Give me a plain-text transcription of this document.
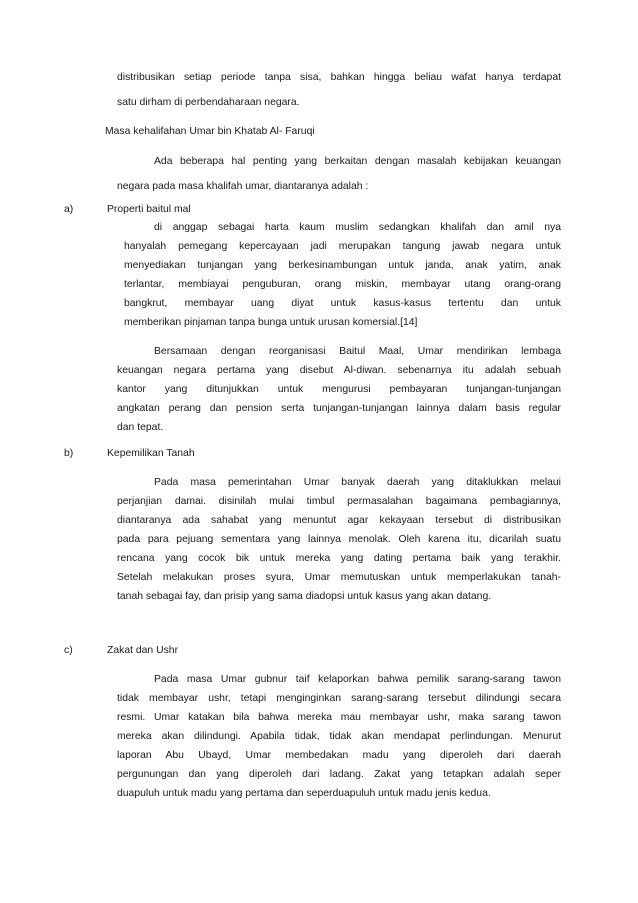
distribusikan setiap periode tanpa sisa, bahkan hingga beliau wafat hanya terdapat
satu dirham di perbendaharaan negara.
Masa kehalifahan Umar bin Khatab Al- Faruqi
Ada beberapa hal penting yang berkaitan dengan masalah kebijakan keuangan
negara pada masa khalifah umar, diantaranya adalah :
a)	Properti baitul mal
di anggap sebagai harta kaum muslim sedangkan khalifah dan amil nya
hanyalah pemegang kepercayaan jadi merupakan tangung jawab negara untuk
menyediakan tunjangan yang berkesinambungan untuk janda, anak yatim, anak
terlantar, membiayai penguburan, orang miskin, membayar utang orang-orang
bangkrut, membayar uang diyat untuk kasus-kasus tertentu dan untuk
memberikan pinjaman tanpa bunga untuk urusan komersial.[14]
Bersamaan dengan reorganisasi Baitul Maal, Umar mendirikan lembaga
keuangan negara pertama yang disebut Al-diwan. sebenarnya itu adalah sebuah
kantor yang ditunjukkan untuk mengurusi pembayaran tunjangan-tunjangan
angkatan perang dan pension serta tunjangan-tunjangan lainnya dalam basis regular
dan tepat.
b)	Kepemilikan Tanah
Pada masa pemerintahan Umar banyak daerah yang ditaklukkan melaui
perjanjian damai. disinilah mulai timbul permasalahan bagaimana pembagiannya,
diantaranya ada sahabat yang menuntut agar kekayaan tersebut di distribusikan
pada para pejuang sementara yang lainnya menolak. Oleh karena itu, dicarilah suatu
rencana yang cocok bik untuk mereka yang dating pertama baik yang terakhir.
Setelah melakukan proses syura, Umar memutuskan untuk memperlakukan tanah-
tanah sebagai fay, dan prisip yang sama diadopsi untuk kasus yang akan datang.
c)	Zakat dan Ushr
Pada masa Umar gubnur taif kelaporkan bahwa pemilik sarang-sarang tawon
tidak membayar ushr, tetapi menginginkan sarang-sarang tersebut dilindungi secara
resmi. Umar katakan bila bahwa mereka mau membayar ushr, maka sarang tawon
mereka akan dilindungi. Apabila tidak, tidak akan mendapat perlindungan. Menurut
laporan Abu Ubayd, Umar membedakan madu yang diperoleh dari daerah
pergunungan dan yang diperoleh dari ladang. Zakat yang tetapkan adalah seper
duapuluh untuk madu yang pertama dan seperduapuluh untuk madu jenis kedua.
